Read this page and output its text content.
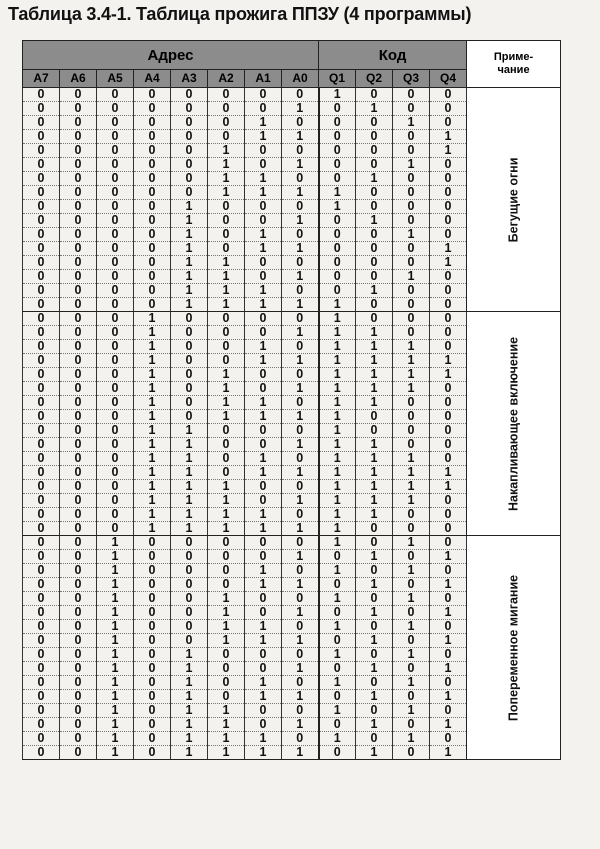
Таблица 3.4-1. Таблица прожига ППЗУ (4 программы)
Адрес								Код				Приме-
чание
A7	A6	A5	A4	A3	A2	A1	A0	Q1	Q2	Q3	Q4	
0	0	0	0	0	0	0	0	1	0	0	0	Бегущие огни

0	0	0	0	0	0	0	1	0	1	0	0	
0	0	0	0	0	0	1	0	0	0	1	0	
0	0	0	0	0	0	1	1	0	0	0	1	
0	0	0	0	0	1	0	0	0	0	0	1	
0	0	0	0	0	1	0	1	0	0	1	0	
0	0	0	0	0	1	1	0	0	1	0	0	
0	0	0	0	0	1	1	1	1	0	0	0	
0	0	0	0	1	0	0	0	1	0	0	0	
0	0	0	0	1	0	0	1	0	1	0	0	
0	0	0	0	1	0	1	0	0	0	1	0	
0	0	0	0	1	0	1	1	0	0	0	1	
0	0	0	0	1	1	0	0	0	0	0	1	
0	0	0	0	1	1	0	1	0	0	1	0	
0	0	0	0	1	1	1	0	0	1	0	0	
0	0	0	0	1	1	1	1	1	0	0	0	
0	0	0	1	0	0	0	0	1	0	0	0	Накапливающее включение

0	0	0	1	0	0	0	1	1	1	0	0	
0	0	0	1	0	0	1	0	1	1	1	0	
0	0	0	1	0	0	1	1	1	1	1	1	
0	0	0	1	0	1	0	0	1	1	1	1	
0	0	0	1	0	1	0	1	1	1	1	0	
0	0	0	1	0	1	1	0	1	1	0	0	
0	0	0	1	0	1	1	1	1	0	0	0	
0	0	0	1	1	0	0	0	1	0	0	0	
0	0	0	1	1	0	0	1	1	1	0	0	
0	0	0	1	1	0	1	0	1	1	1	0	
0	0	0	1	1	0	1	1	1	1	1	1	
0	0	0	1	1	1	0	0	1	1	1	1	
0	0	0	1	1	1	0	1	1	1	1	0	
0	0	0	1	1	1	1	0	1	1	0	0	
0	0	0	1	1	1	1	1	1	0	0	0	
0	0	1	0	0	0	0	0	1	0	1	0	Попеременное мигание

0	0	1	0	0	0	0	1	0	1	0	1	
0	0	1	0	0	0	1	0	1	0	1	0	
0	0	1	0	0	0	1	1	0	1	0	1	
0	0	1	0	0	1	0	0	1	0	1	0	
0	0	1	0	0	1	0	1	0	1	0	1	
0	0	1	0	0	1	1	0	1	0	1	0	
0	0	1	0	0	1	1	1	0	1	0	1	
0	0	1	0	1	0	0	0	1	0	1	0	
0	0	1	0	1	0	0	1	0	1	0	1	
0	0	1	0	1	0	1	0	1	0	1	0	
0	0	1	0	1	0	1	1	0	1	0	1	
0	0	1	0	1	1	0	0	1	0	1	0	
0	0	1	0	1	1	0	1	0	1	0	1	
0	0	1	0	1	1	1	0	1	0	1	0	
0	0	1	0	1	1	1	1	0	1	0	1	
